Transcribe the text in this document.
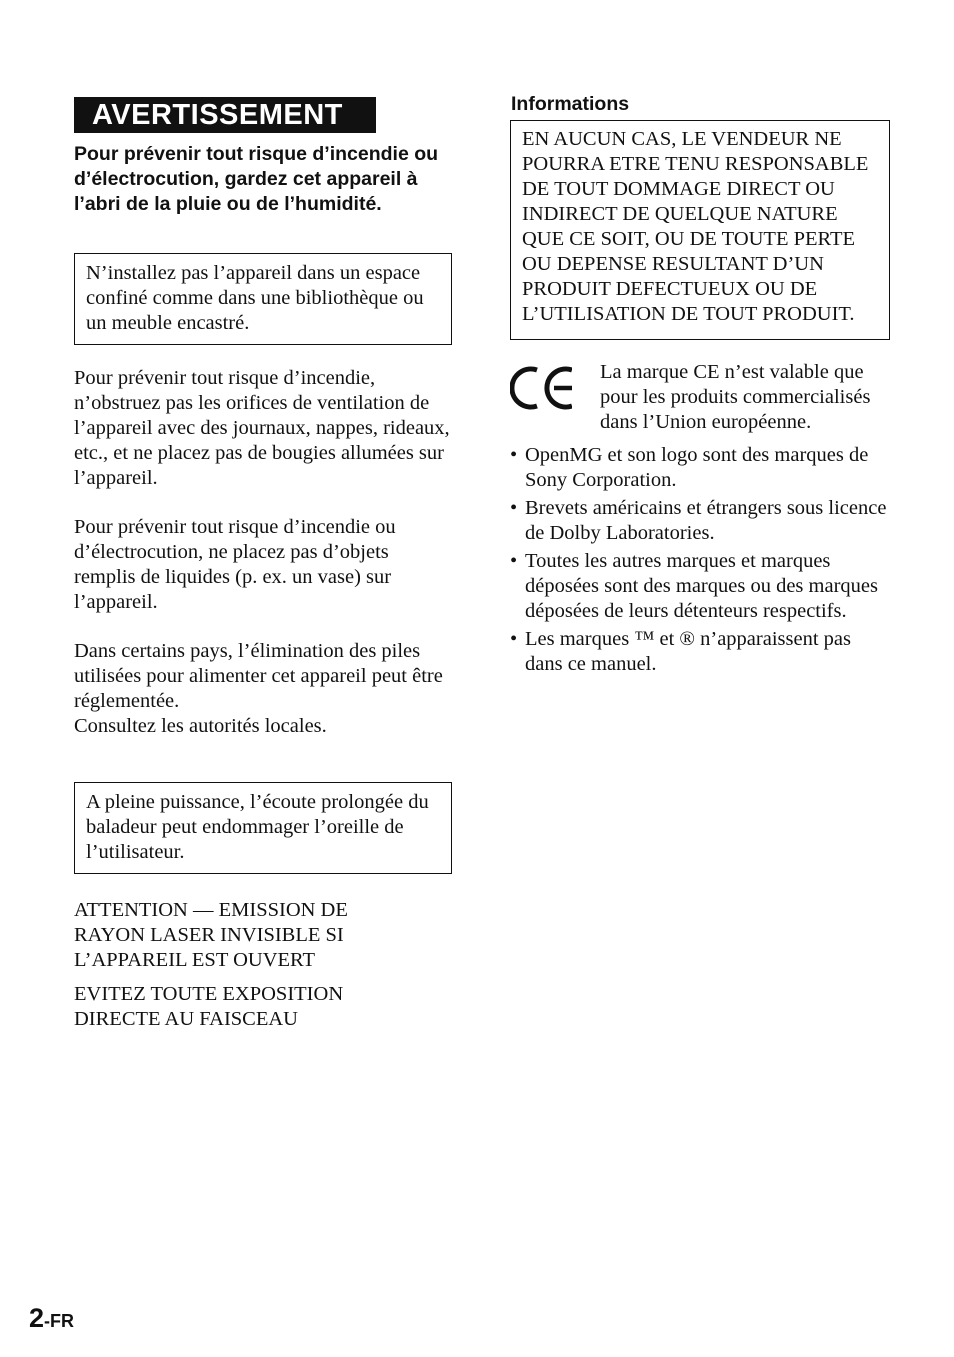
AVERTISSEMENT
Pour prévenir tout risque d’incendie ou d’électrocution, gardez cet appareil à l’abri de la pluie ou de l’humidité.
N’installez pas l’appareil dans un espace confiné comme dans une bibliothèque ou un meuble encastré.
Pour prévenir tout risque d’incendie, n’obstruez pas les orifices de ventilation de l’appareil avec des journaux, nappes, rideaux, etc., et ne placez pas de bougies allumées sur l’appareil.
Pour prévenir tout risque d’incendie ou d’électrocution, ne placez pas d’objets remplis de liquides (p. ex. un vase) sur l’appareil.
Dans certains pays, l’élimination des piles utilisées pour alimenter cet appareil peut être réglementée.
Consultez les autorités locales.
A pleine puissance, l’écoute prolongée du baladeur peut endommager l’oreille de l’utilisateur.
ATTENTION — EMISSION DE RAYON LASER INVISIBLE SI L’APPAREIL EST OUVERT
EVITEZ TOUTE EXPOSITION DIRECTE AU FAISCEAU
Informations
EN AUCUN CAS, LE VENDEUR NE POURRA ETRE TENU RESPONSABLE DE TOUT DOMMAGE DIRECT OU INDIRECT DE QUELQUE NATURE QUE CE SOIT, OU DE TOUTE PERTE OU DEPENSE RESULTANT D’UN PRODUIT DEFECTUEUX OU DE L’UTILISATION DE TOUT PRODUIT.
La marque CE n’est valable que pour les produits commercialisés dans l’Union européenne.
• OpenMG et son logo sont des marques de Sony Corporation.
• Brevets américains et étrangers sous licence de Dolby Laboratories.
• Toutes les autres marques et marques déposées sont des marques ou des marques déposées de leurs détenteurs respectifs.
• Les marques ™ et ® n’apparaissent pas dans ce manuel.
2-FR
